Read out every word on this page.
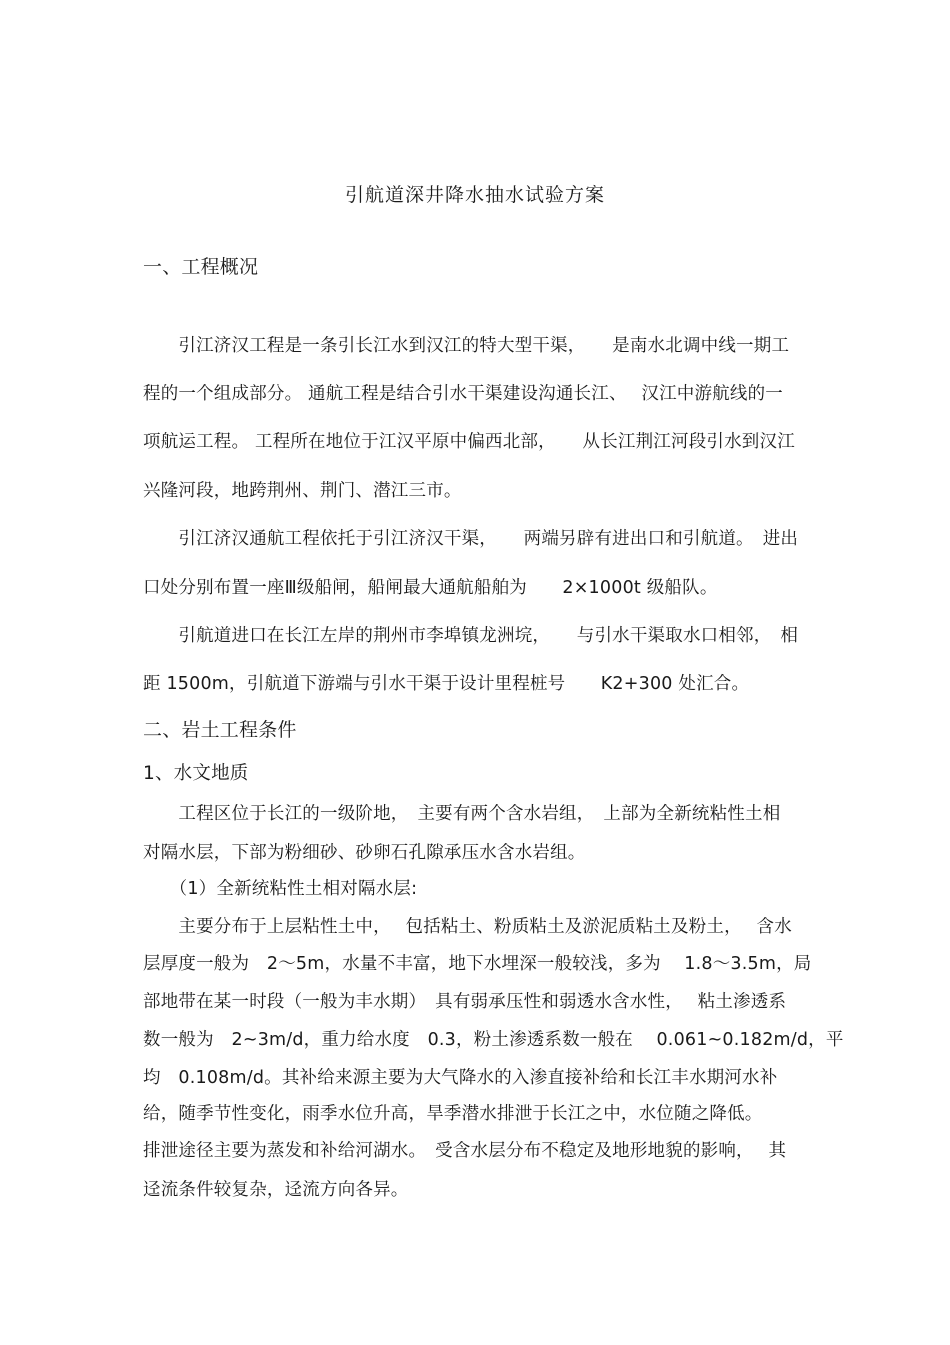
引航道深井降水抽水试验方案
一、工程概况
　　引江济汉工程是一条引长江水到汉江的特大型干渠，　　是南水北调中线一期工
程的一个组成部分。 通航工程是结合引水干渠建设沟通长江、　 汉江中游航线的一
项航运工程。 工程所在地位于江汉平原中偏西北部，　　从长江荆江河段引水到汉江
兴隆河段，地跨荆州、荆门、潜江三市。
　　引江济汉通航工程依托于引江济汉干渠，　　两端另辟有进出口和引航道。　进出
口处分别布置一座Ⅲ级船闸，船闸最大通航船舶为　　2×1000t 级船队。
　　引航道进口在长江左岸的荆州市李埠镇龙洲垸，　　与引水干渠取水口相邻，　相
距 1500m，引航道下游端与引水干渠于设计里程桩号　　K2+300 处汇合。
二、岩土工程条件
1、水文地质
　　工程区位于长江的一级阶地，　主要有两个含水岩组，　上部为全新统粘性土相
对隔水层，下部为粉细砂、砂卵石孔隙承压水含水岩组。
　　（1）全新统粘性土相对隔水层:
　　主要分布于上层粘性土中，　 包括粘土、粉质粘土及淤泥质粘土及粉土，　 含水
层厚度一般为　2～5m，水量不丰富，地下水埋深一般较浅，多为　 1.8～3.5m，局
部地带在某一时段（一般为丰水期）　具有弱承压性和弱透水含水性，　 粘土渗透系
数一般为　2~3m/d，重力给水度　0.3，粉土渗透系数一般在　 0.061~0.182m/d，平
均　0.108m/d。其补给来源主要为大气降水的入渗直接补给和长江丰水期河水补
给，随季节性变化，雨季水位升高，旱季潜水排泄于长江之中，水位随之降低。
排泄途径主要为蒸发和补给河湖水。　受含水层分布不稳定及地形地貌的影响，　 其
迳流条件较复杂，迳流方向各异。
